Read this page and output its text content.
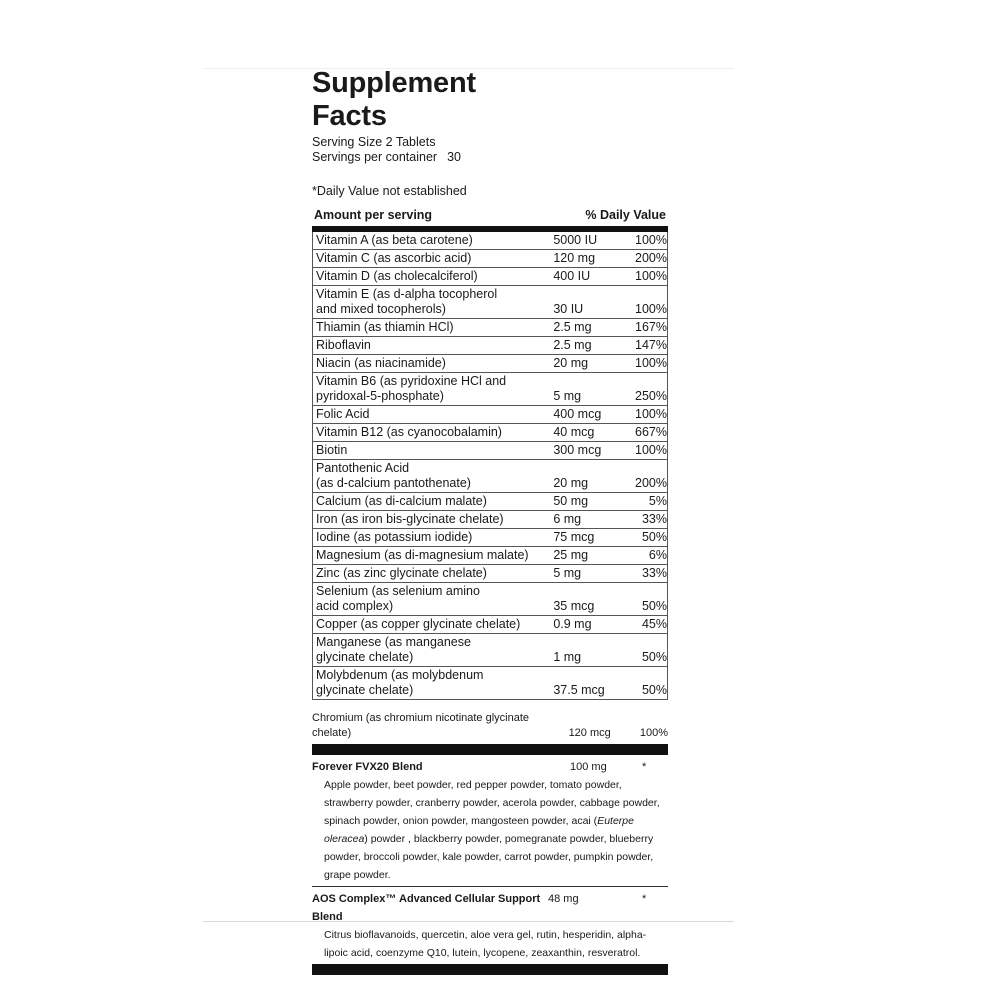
Supplement Facts
Serving Size 2 Tablets
Servings per container 30
*Daily Value not established
Amount per serving	% Daily Value
Vitamin A (as beta carotene)	5000 IU	100%
Vitamin C (as ascorbic acid)	120 mg	200%
Vitamin D (as cholecalciferol)	400 IU	100%
Vitamin E (as d-alpha tocopherol
and mixed tocopherols)	30 IU	100%
Thiamin (as thiamin HCl)	2.5 mg	167%
Riboflavin	2.5 mg	147%
Niacin (as niacinamide)	20 mg	100%
Vitamin B6 (as pyridoxine HCl and
pyridoxal-5-phosphate)	5 mg	250%
Folic Acid	400 mcg	100%
Vitamin B12 (as cyanocobalamin)	40 mcg	667%
Biotin	300 mcg	100%
Pantothenic Acid
(as d-calcium pantothenate)	20 mg	200%
Calcium (as di-calcium malate)	50 mg	5%
Iron (as iron bis-glycinate chelate)	6 mg	33%
Iodine (as potassium iodide)	75 mcg	50%
Magnesium (as di-magnesium malate)	25 mg	6%
Zinc (as zinc glycinate chelate)	5 mg	33%
Selenium (as selenium amino
acid complex)	35 mcg	50%
Copper (as copper glycinate chelate)	0.9 mg	45%
Manganese (as manganese
glycinate chelate)	1 mg	50%
Molybdenum (as molybdenum
glycinate chelate)	37.5 mcg	50%
Chromium (as chromium nicotinate glycinate chelate)	120 mcg	100%
Forever FVX20 Blend	100 mg	*
Apple powder, beet powder, red pepper powder, tomato powder, strawberry powder, cranberry powder, acerola powder, cabbage powder, spinach powder, onion powder, mangosteen powder, acai (Euterpe oleracea) powder , blackberry powder, pomegranate powder, blueberry powder, broccoli powder, kale powder, carrot powder, pumpkin powder, grape powder.
AOS Complex™ Advanced Cellular Support Blend
48 mg	*
Citrus bioflavanoids, quercetin, aloe vera gel, rutin, hesperidin, alpha-lipoic acid, coenzyme Q10, lutein, lycopene, zeaxanthin, resveratrol.
